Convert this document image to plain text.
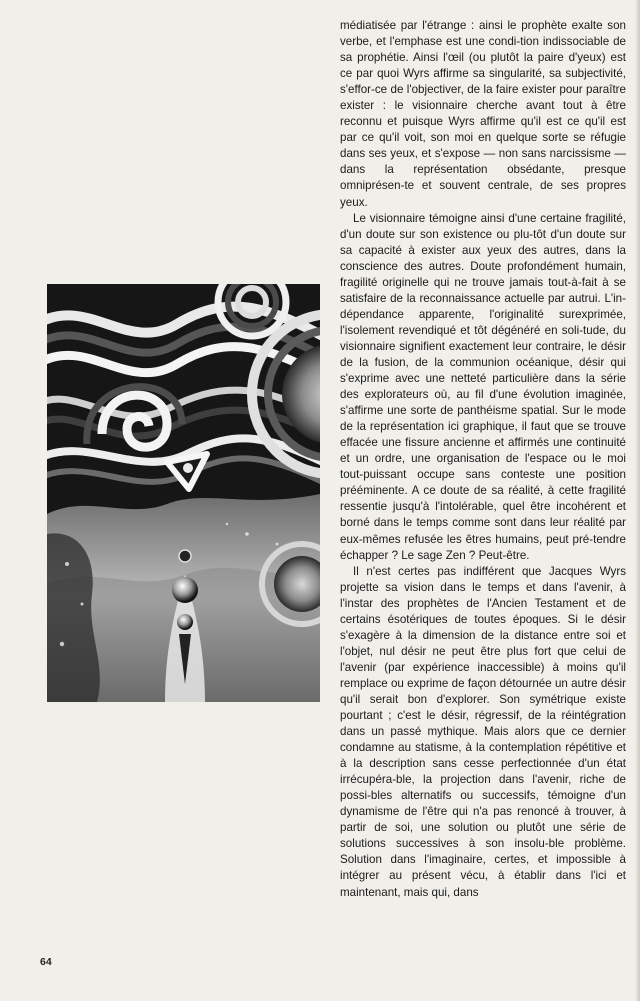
médiatisée par l'étrange : ainsi le prophète exalte son verbe, et l'emphase est une condi-tion indissociable de sa prophétie. Ainsi l'œil (ou plutôt la paire d'yeux) est ce par quoi Wyrs affirme sa singularité, sa subjectivité, s'effor-ce de l'objectiver, de la faire exister pour paraître exister : le visionnaire cherche avant tout à être reconnu et puisque Wyrs affirme qu'il est ce qu'il est par ce qu'il voit, son moi en quelque sorte se réfugie dans ses yeux, et s'expose — non sans narcissisme — dans la représentation obsédante, presque omniprésen-te et souvent centrale, de ses propres yeux.

Le visionnaire témoigne ainsi d'une certaine fragilité, d'un doute sur son existence ou plu-tôt d'un doute sur sa capacité à exister aux yeux des autres, dans la conscience des autres. Doute profondément humain, fragilité originelle qui ne trouve jamais tout-à-fait à se satisfaire de la reconnaissance actuelle par autrui. L'in-dépendance apparente, l'originalité surexprimée, l'isolement revendiqué et tôt dégénéré en soli-tude, du visionnaire signifient exactement leur contraire, le désir de la fusion, de la communion océanique, désir qui s'exprime avec une netteté particulière dans la série des explorateurs où, au fil d'une évolution imaginée, s'affirme une sorte de panthéisme spatial. Sur le mode de la représentation ici graphique, il faut que se trouve effacée une fissure ancienne et affirmés une continuité et un ordre, une organisation de l'espace ou le moi tout-puissant occupe sans conteste une position prééminente. A ce doute de sa réalité, à cette fragilité ressentie jusqu'à l'intolérable, quel être incohérent et borné dans le temps comme sont dans leur réalité par eux-mêmes refusée les êtres humains, peut pré-tendre échapper ? Le sage Zen ? Peut-être.

Il n'est certes pas indifférent que Jacques Wyrs projette sa vision dans le temps et dans l'avenir, à l'instar des prophètes de l'Ancien Testament et de certains ésotériques de toutes époques. Si le désir s'exagère à la dimension de la distance entre soi et l'objet, nul désir ne peut être plus fort que celui de l'avenir (par expérience inaccessible) à moins qu'il remplace ou exprime de façon détournée un autre désir qu'il serait bon d'explorer. Son symétrique existe pourtant ; c'est le désir, régressif, de la réintégration dans un passé mythique. Mais alors que ce dernier condamne au statisme, à la contemplation répétitive et à la description sans cesse perfectionnée d'un état irrécupéra-ble, la projection dans l'avenir, riche de possi-bles alternatifs ou successifs, témoigne d'un dynamisme de l'être qui n'a pas renoncé à trouver, à partir de soi, une solution ou plutôt une série de solutions successives à son insolu-ble problème. Solution dans l'imaginaire, certes, et impossible à intégrer au présent vécu, à établir dans l'ici et maintenant, mais qui, dans

64
